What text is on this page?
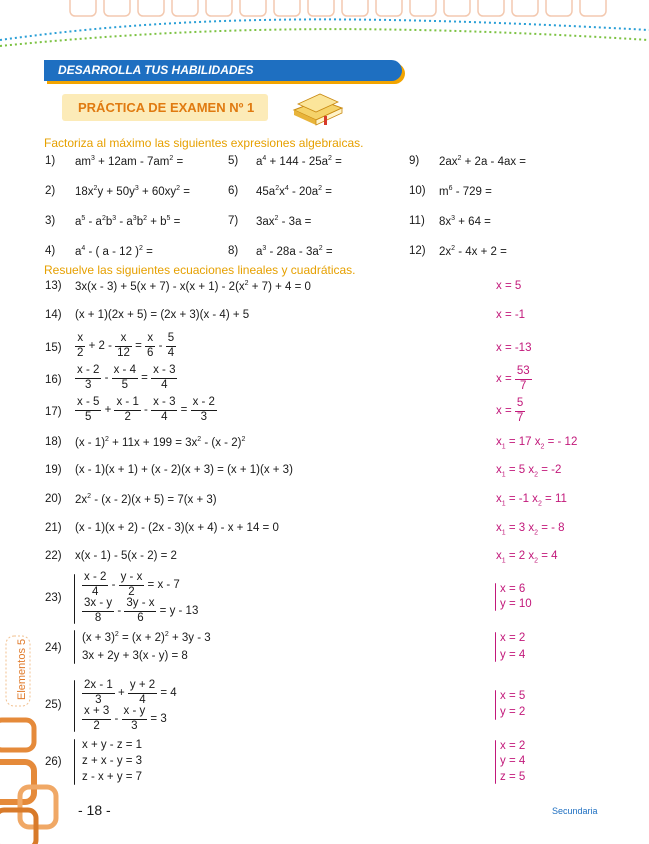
Elementos 5
DESARROLLA TUS HABILIDADES
PRÁCTICA DE EXAMEN Nº 1
Factoriza al máximo las siguientes expresiones algebraicas.
1) $am^3 + 12am - 7am^2$ =	5) $a^4 + 144 - 25a^2$ =	9) $2ax^2 + 2a - 4ax$ =
2) $18x^2y + 50y^3 + 60xy^2$ =	6) $45a^2x^4 - 20a^2$ =	10) $m^6 - 729$ =
3) $a^5 - a^2b^3 - a^3b^2 + b^5$ =	7) $3ax^2 - 3a$ =	11) $8x^3 + 64$ =
4) $a^4$ - ( a - 12 )$^2$ =	8) $a^3 - 28a - 3a^2$ =	12) $2x^2 - 4x + 2$ =
Resuelve las siguientes ecuaciones lineales y cuadráticas.
13) $3x(x - 3) + 5(x + 7) - x(x + 1) - 2(x^2 + 7) + 4 = 0$	x = 5
14) (x + 1)(2x + 5) = (2x + 3)(x - 4) + 5	x = -1
$15) \frac{x}{2} + 2 - \frac{x}{12} = \frac{x}{6} - \frac{5}{4}$	x = -13
$16) \frac{x - 2}{3} - \frac{x - 4}{5} = \frac{x - 3}{4}$	$x = \frac{53}{7}$
$17) \frac{x - 5}{5} + \frac{x - 1}{2} - \frac{x - 3}{4} = \frac{x - 2}{3}$	$x = \frac{5}{7}$
18) $(x - 1)^2 + 11x + 199 = 3x^2 - (x - 2)^2$	$x_1 = 17$ $x_2$ = - 12
19) (x - 1)(x + 1) + (x - 2)(x + 3) = (x + 1)(x + 3)	$x_1 = 5$ $x_2 = -2$
20) $2x^2 - (x - 2)(x + 5) = 7(x + 3)$	$x_1 = -1$ $x_2 = 11$
21) (x - 1)(x + 2) - (2x - 3)(x + 4) - x + 14 = 0	$x_1 = 3$ $x_2$ = - 8
22) x(x - 1) - 5(x - 2) = 2	$x_1 = 2$ $x_2 = 4$
$23) \frac{x - 2}{4} - \frac{y - x}{2} = x - 7$
$\frac{3x - y}{8} - \frac{3y - x}{6} = y - 13$
x = 6
y = 10
24)
$(x + 3)^2 = (x + 2)^2 + 3y - 3$
3x + 2y + 3(x - y) = 8
x = 2
y = 4
$25) \frac{2x - 1}{3} + \frac{y + 2}{4} = 4$
$\frac{x + 3}{2} - \frac{x - y}{3} = 3$
x = 5
y = 2
26)
x + y - z = 1
z + x - y = 3
z - x + y = 7
x = 2
y = 4
z = 5
- 18 -	Secundaria
